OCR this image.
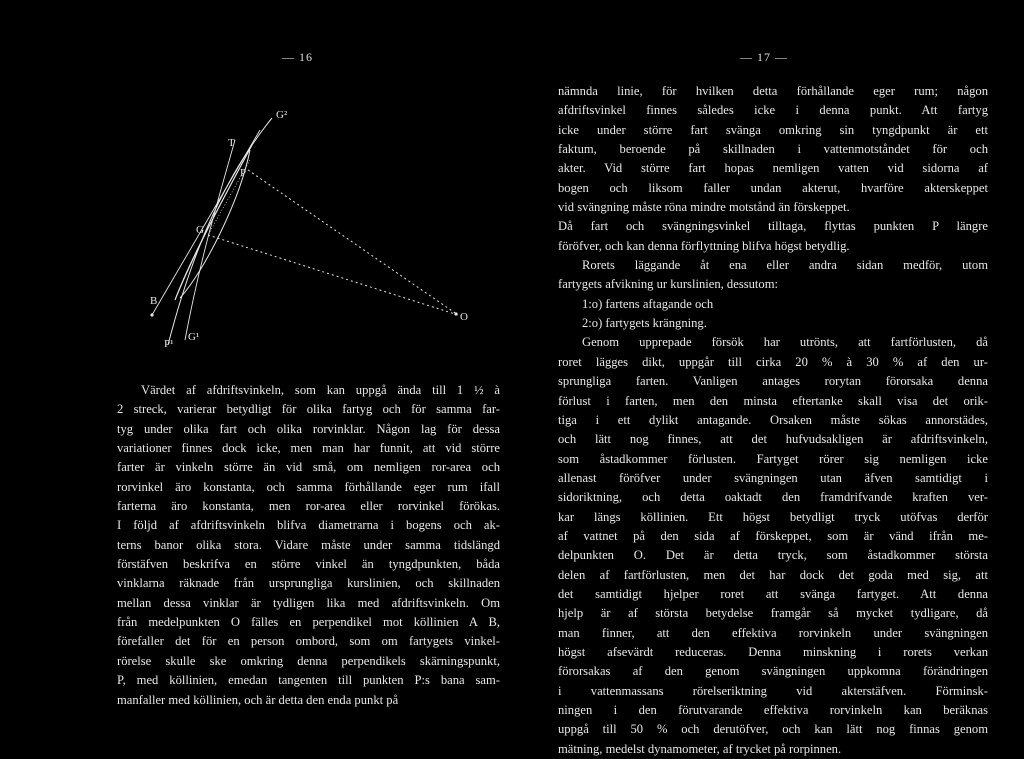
— 16
G²
T
P
G
B
O
P¹
G¹
Värdet af afdriftsvinkeln, som kan uppgå ända till 1 ½ à
2 streck, varierar betydligt för olika fartyg och för samma far-
tyg under olika fart och olika rorvinklar. Någon lag för dessa
variationer finnes dock icke, men man har funnit, att vid större
farter är vinkeln större än vid små, om nemligen ror-area och
rorvinkel äro konstanta, och samma förhållande eger rum ifall
farterna äro konstanta, men ror-area eller rorvinkel förökas.
I följd af afdriftsvinkeln blifva diametrarna i bogens och ak-
terns banor olika stora. Vidare måste under samma tidslängd
förstäfven beskrifva en större vinkel än tyngdpunkten, båda
vinklarna räknade från ursprungliga kurslinien, och skillnaden
mellan dessa vinklar är tydligen lika med afdriftsvinkeln. Om
från medelpunkten O fälles en perpendikel mot köllinien A B,
förefaller det för en person ombord, som om fartygets vinkel-
rörelse skulle ske omkring denna perpendikels skärningspunkt,
P, med köllinien, emedan tangenten till punkten P:s bana sam-
manfaller med köllinien, och är detta den enda punkt på
— 17 —
nämnda linie, för hvilken detta förhållande eger rum; någon
afdriftsvinkel finnes således icke i denna punkt. Att fartyg
icke under större fart svänga omkring sin tyngdpunkt är ett
faktum, beroende på skillnaden i vattenmotståndet för och
akter. Vid större fart hopas nemligen vatten vid sidorna af
bogen och liksom faller undan akterut, hvarföre akterskeppet
vid svängning måste röna mindre motstånd än förskeppet.
Då fart och svängningsvinkel tilltaga, flyttas punkten P längre
föröfver, och kan denna förflyttning blifva högst betydlig.
Rorets läggande åt ena eller andra sidan medför, utom
fartygets afvikning ur kurslinien, dessutom:
1:o) fartens aftagande och
2:o) fartygets krängning.
Genom upprepade försök har utrönts, att fartförlusten, då
roret lägges dikt, uppgår till cirka 20 % à 30 % af den ur-
sprungliga farten. Vanligen antages rorytan förorsaka denna
förlust i farten, men den minsta eftertanke skall visa det orik-
tiga i ett dylikt antagande. Orsaken måste sökas annorstädes,
och lätt nog finnes, att det hufvudsakligen är afdriftsvinkeln,
som åstadkommer förlusten. Fartyget rörer sig nemligen icke
allenast föröfver under svängningen utan äfven samtidigt i
sidoriktning, och detta oaktadt den framdrifvande kraften ver-
kar längs köllinien. Ett högst betydligt tryck utöfvas derför
af vattnet på den sida af förskeppet, som är vänd ifrån me-
delpunkten O. Det är detta tryck, som åstadkommer största
delen af fartförlusten, men det har dock det goda med sig, att
det samtidigt hjelper roret att svänga fartyget. Att denna
hjelp är af största betydelse framgår så mycket tydligare, då
man finner, att den effektiva rorvinkeln under svängningen
högst afsevärdt reduceras. Denna minskning i rorets verkan
förorsakas af den genom svängningen uppkomna förändringen
i vattenmassans rörelseriktning vid akterstäfven. Förminsk-
ningen i den förutvarande effektiva rorvinkeln kan beräknas
uppgå till 50 % och derutöfver, och kan lätt nog finnas genom
mätning, medelst dynamometer, af trycket på rorpinnen.
